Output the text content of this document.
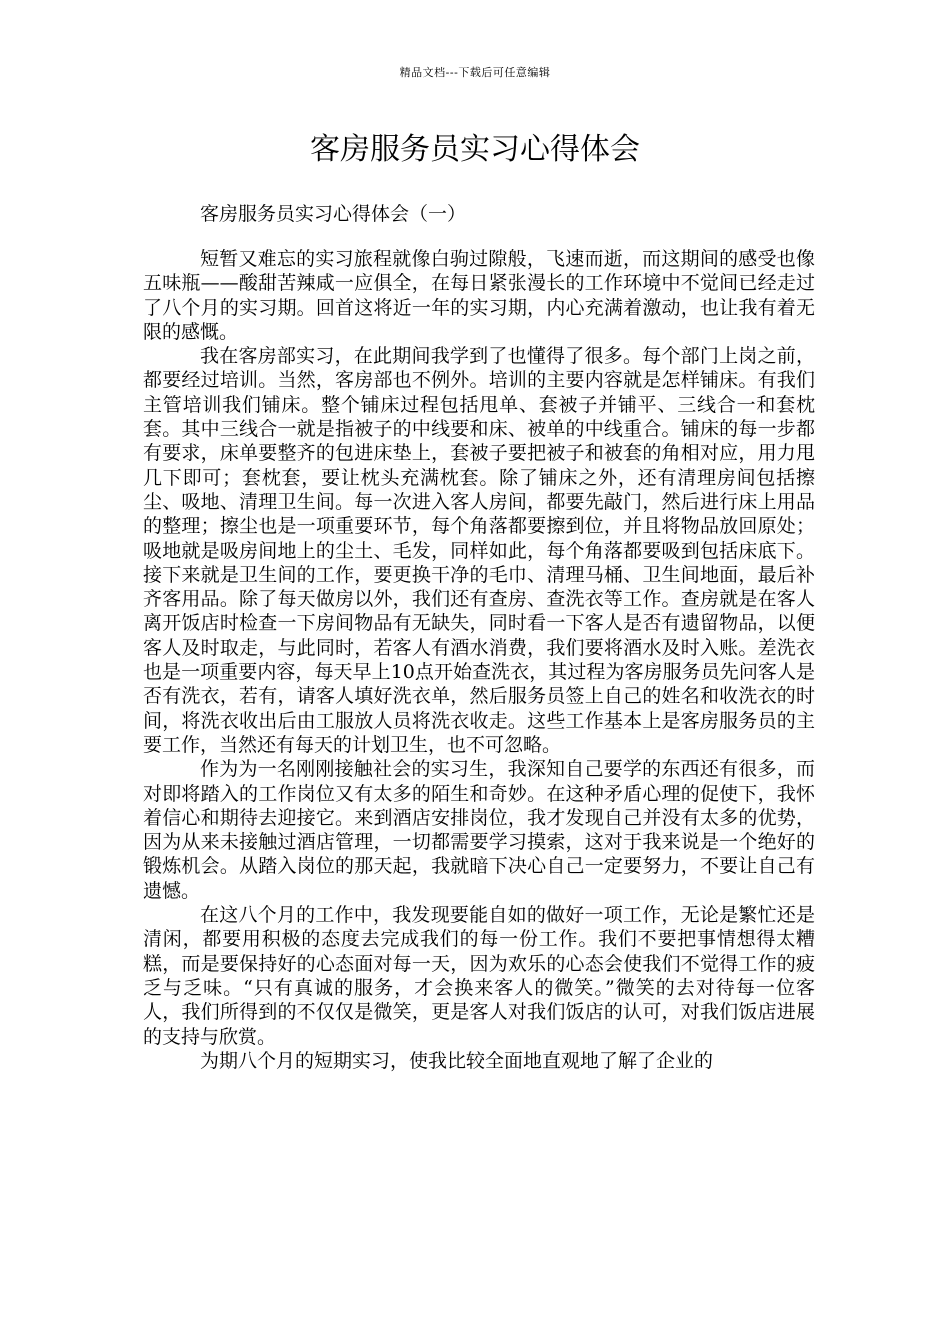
精品文档---下载后可任意编辑
客房服务员实习心得体会
客房服务员实习心得体会（一）

短暂又难忘的实习旅程就像白驹过隙般，飞速而逝，而这期间的感受也像五味瓶——酸甜苦辣咸一应俱全，在每日紧张漫长的工作环境中不觉间已经走过了八个月的实习期。回首这将近一年的实习期，内心充满着激动，也让我有着无限的感慨。

我在客房部实习，在此期间我学到了也懂得了很多。每个部门上岗之前，都要经过培训。当然，客房部也不例外。培训的主要内容就是怎样铺床。有我们主管培训我们铺床。整个铺床过程包括甩单、套被子并铺平、三线合一和套枕套。其中三线合一就是指被子的中线要和床、被单的中线重合。铺床的每一步都有要求，床单要整齐的包进床垫上，套被子要把被子和被套的角相对应，用力甩几下即可；套枕套，要让枕头充满枕套。除了铺床之外，还有清理房间包括擦尘、吸地、清理卫生间。每一次进入客人房间，都要先敲门，然后进行床上用品的整理；擦尘也是一项重要环节，每个角落都要擦到位，并且将物品放回原处；吸地就是吸房间地上的尘土、毛发，同样如此，每个角落都要吸到包括床底下。接下来就是卫生间的工作，要更换干净的毛巾、清理马桶、卫生间地面，最后补齐客用品。除了每天做房以外，我们还有查房、查洗衣等工作。查房就是在客人离开饭店时检查一下房间物品有无缺失，同时看一下客人是否有遗留物品，以便客人及时取走，与此同时，若客人有酒水消费，我们要将酒水及时入账。差洗衣也是一项重要内容，每天早上10点开始查洗衣，其过程为客房服务员先问客人是否有洗衣，若有，请客人填好洗衣单，然后服务员签上自己的姓名和收洗衣的时间，将洗衣收出后由工服放人员将洗衣收走。这些工作基本上是客房服务员的主要工作，当然还有每天的计划卫生，也不可忽略。

作为为一名刚刚接触社会的实习生，我深知自己要学的东西还有很多，而对即将踏入的工作岗位又有太多的陌生和奇妙。在这种矛盾心理的促使下，我怀着信心和期待去迎接它。来到酒店安排岗位，我才发现自己并没有太多的优势，因为从来未接触过酒店管理，一切都需要学习摸索，这对于我来说是一个绝好的锻炼机会。从踏入岗位的那天起，我就暗下决心自己一定要努力，不要让自己有遗憾。

在这八个月的工作中，我发现要能自如的做好一项工作，无论是繁忙还是清闲，都要用积极的态度去完成我们的每一份工作。我们不要把事情想得太糟糕，而是要保持好的心态面对每一天，因为欢乐的心态会使我们不觉得工作的疲乏与乏味。“只有真诚的服务，才会换来客人的微笑。”微笑的去对待每一位客人，我们所得到的不仅仅是微笑，更是客人对我们饭店的认可，对我们饭店进展的支持与欣赏。

为期八个月的短期实习，使我比较全面地直观地了解了企业的
